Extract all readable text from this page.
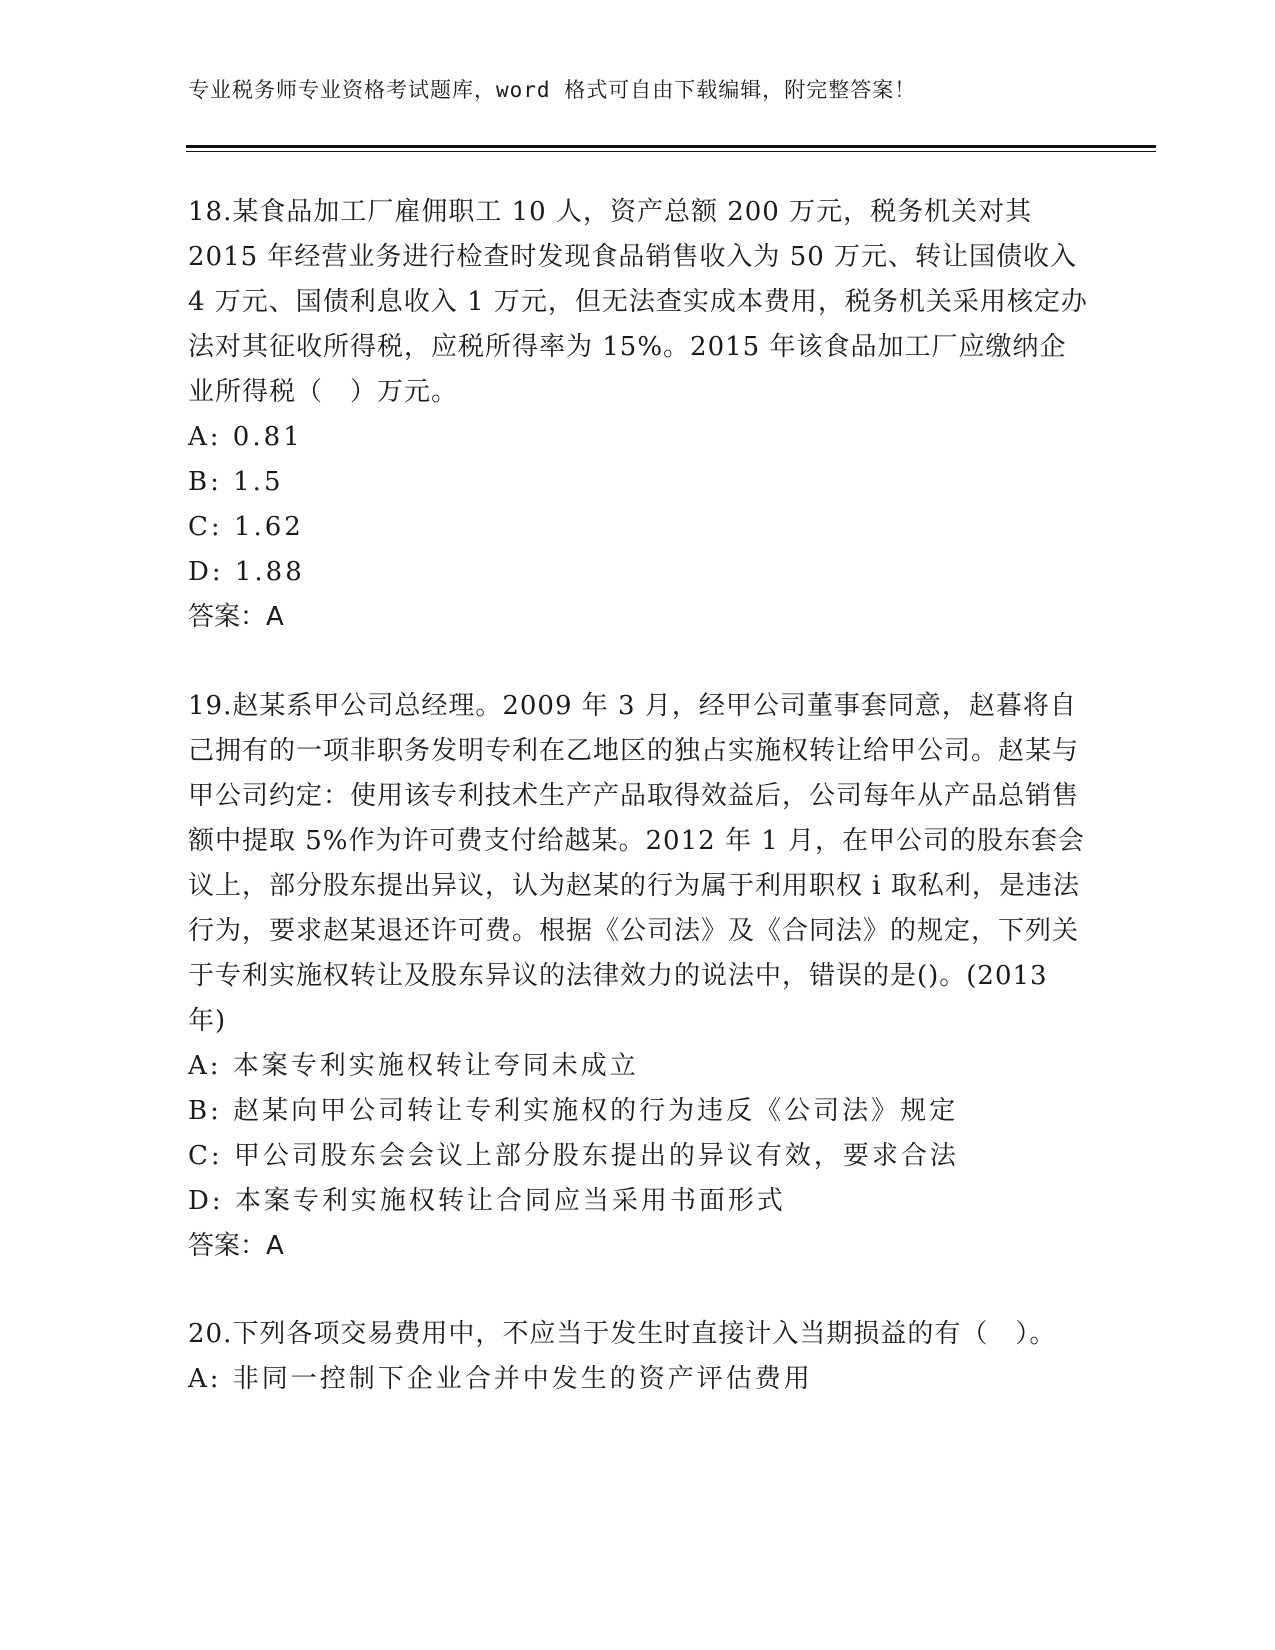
专业税务师专业资格考试题库，word 格式可自由下载编辑，附完整答案！

18.某食品加工厂雇佣职工 10 人，资产总额 200 万元，税务机关对其 2015 年经营业务进行检查时发现食品销售收入为 50 万元、转让国债收入 4 万元、国债利息收入 1 万元，但无法查实成本费用，税务机关采用核定办法对其征收所得税，应税所得率为 15%。2015 年该食品加工厂应缴纳企业所得税（　）万元。

A: 0.81

B: 1.5

C: 1.62

D: 1.88

答案：A

19.赵某系甲公司总经理。2009 年 3 月，经甲公司董事套同意，赵暮将自己拥有的一项非职务发明专利在乙地区的独占实施权转让给甲公司。赵某与甲公司约定：使用该专利技术生产产品取得效益后，公司每年从产品总销售额中提取 5%作为许可费支付给越某。2012 年 1 月，在甲公司的股东套会议上，部分股东提出异议，认为赵某的行为属于利用职权 i 取私利，是违法行为，要求赵某退还许可费。根据《公司法》及《合同法》的规定，下列关于专利实施权转让及股东异议的法律效力的说法中，错误的是()。(2013 年)

A: 本案专利实施权转让夸同未成立

B: 赵某向甲公司转让专利实施权的行为违反《公司法》规定

C: 甲公司股东会会议上部分股东提出的异议有效，要求合法

D: 本案专利实施权转让合同应当采用书面形式

答案：A

20.下列各项交易费用中，不应当于发生时直接计入当期损益的有（　）。

A: 非同一控制下企业合并中发生的资产评估费用
